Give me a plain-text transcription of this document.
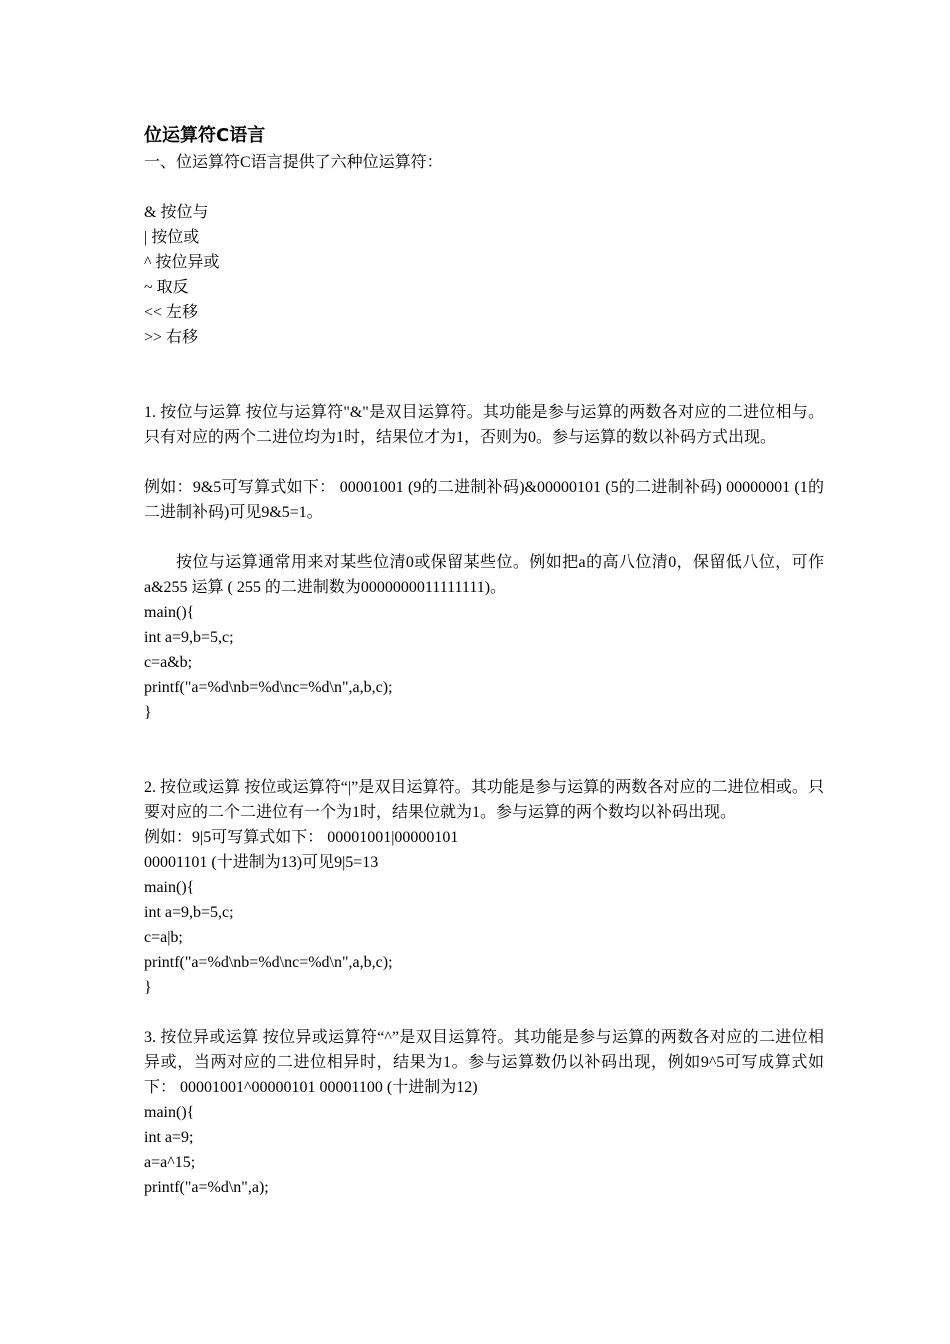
位运算符C语言
一、位运算符C语言提供了六种位运算符：
& 按位与
| 按位或
^ 按位异或
~ 取反
<< 左移
>> 右移
1. 按位与运算 按位与运算符"&"是双目运算符。其功能是参与运算的两数各对应的二进位相与。只有对应的两个二进位均为1时，结果位才为1，否则为0。参与运算的数以补码方式出现。
例如：9&5可写算式如下： 00001001 (9的二进制补码)&00000101 (5的二进制补码) 00000001 (1的二进制补码)可见9&5=1。
按位与运算通常用来对某些位清0或保留某些位。例如把a的高八位清0，保留低八位，可作 a&255 运算 ( 255 的二进制数为0000000011111111)。
main(){
int a=9,b=5,c;
c=a&b;
printf("a=%d\nb=%d\nc=%d\n",a,b,c);
}
2. 按位或运算 按位或运算符“|”是双目运算符。其功能是参与运算的两数各对应的二进位相或。只要对应的二个二进位有一个为1时，结果位就为1。参与运算的两个数均以补码出现。
例如：9|5可写算式如下： 00001001|00000101
00001101 (十进制为13)可见9|5=13
main(){
int a=9,b=5,c;
c=a|b;
printf("a=%d\nb=%d\nc=%d\n",a,b,c);
}
3. 按位异或运算 按位异或运算符“^”是双目运算符。其功能是参与运算的两数各对应的二进位相异或，当两对应的二进位相异时，结果为1。参与运算数仍以补码出现，例如9^5可写成算式如下： 00001001^00000101 00001100 (十进制为12)
main(){
int a=9;
a=a^15;
printf("a=%d\n",a);
